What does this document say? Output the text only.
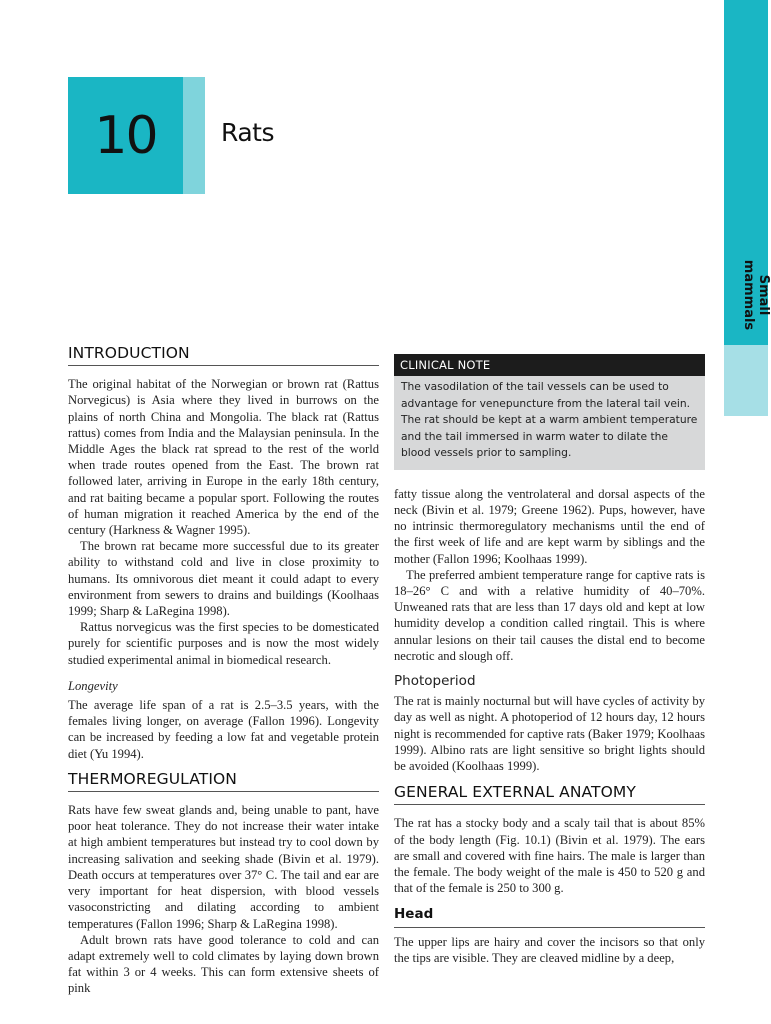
Small mammals
10	Rats
INTRODUCTION

The original habitat of the Norwegian or brown rat (Rattus Norvegicus) is Asia where they lived in burrows on the plains of north China and Mongolia. The black rat (Rattus rattus) comes from India and the Malaysian peninsula. In the Middle Ages the black rat spread to the rest of the world when trade routes opened from the East. The brown rat followed later, arriving in Europe in the early 18th century, and rat baiting became a popular sport. Following the routes of human migration it reached America by the end of the century (Harkness & Wagner 1995).

The brown rat became more successful due to its greater ability to withstand cold and live in close proximity to humans. Its omnivorous diet meant it could adapt to every environment from sewers to drains and buildings (Koolhaas 1999; Sharp & LaRegina 1998).

Rattus norvegicus was the first species to be domesticated purely for scientific purposes and is now the most widely studied experimental animal in biomedical research.

Longevity

The average life span of a rat is 2.5–3.5 years, with the females living longer, on average (Fallon 1996). Longevity can be increased by feeding a low fat and vegetable protein diet (Yu 1994).

THERMOREGULATION

Rats have few sweat glands and, being unable to pant, have poor heat tolerance. They do not increase their water intake at high ambient temperatures but instead try to cool down by increasing salivation and seeking shade (Bivin et al. 1979). Death occurs at temperatures over 37° C. The tail and ear are very important for heat dispersion, with blood vessels vasoconstricting and dilating according to ambient temperatures (Fallon 1996; Sharp & LaRegina 1998).

Adult brown rats have good tolerance to cold and can adapt extremely well to cold climates by laying down brown fat within 3 or 4 weeks. This can form extensive sheets of pink

CLINICAL NOTE
The vasodilation of the tail vessels can be used to advantage for venepuncture from the lateral tail vein. The rat should be kept at a warm ambient temperature and the tail immersed in warm water to dilate the blood vessels prior to sampling.

fatty tissue along the ventrolateral and dorsal aspects of the neck (Bivin et al. 1979; Greene 1962). Pups, however, have no intrinsic thermoregulatory mechanisms until the end of the first week of life and are kept warm by siblings and the mother (Fallon 1996; Koolhaas 1999).

The preferred ambient temperature range for captive rats is 18–26° C and with a relative humidity of 40–70%. Unweaned rats that are less than 17 days old and kept at low humidity develop a condition called ringtail. This is where annular lesions on their tail causes the distal end to become necrotic and slough off.

Photoperiod

The rat is mainly nocturnal but will have cycles of activity by day as well as night. A photoperiod of 12 hours day, 12 hours night is recommended for captive rats (Baker 1979; Koolhaas 1999). Albino rats are light sensitive so bright lights should be avoided (Koolhaas 1999).

GENERAL EXTERNAL ANATOMY

The rat has a stocky body and a scaly tail that is about 85% of the body length (Fig. 10.1) (Bivin et al. 1979). The ears are small and covered with fine hairs. The male is larger than the female. The body weight of the male is 450 to 520 g and that of the female is 250 to 300 g.

Head

The upper lips are hairy and cover the incisors so that only the tips are visible. They are cleaved midline by a deep,
